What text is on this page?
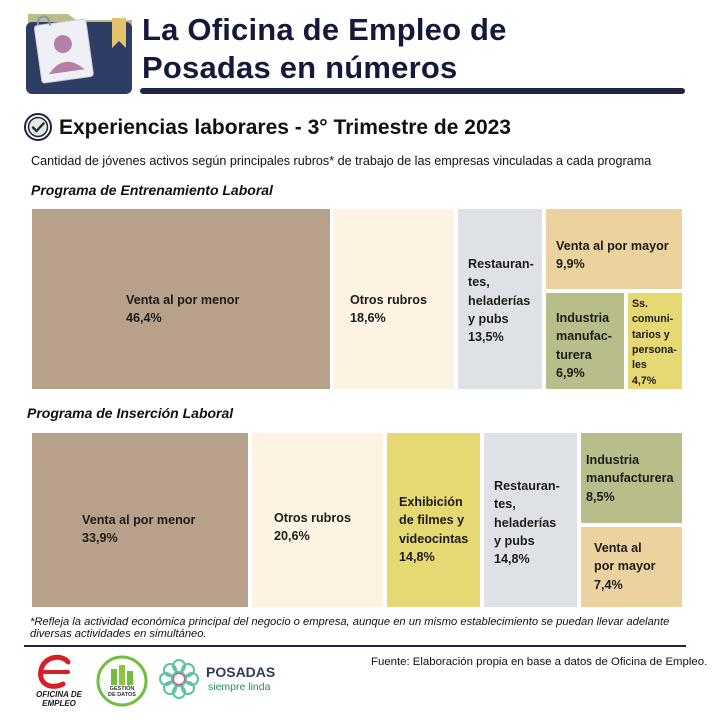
La Oficina de Empleo de
Posadas en números
Experiencias laborares - 3° Trimestre de 2023
Cantidad de jóvenes activos según principales rubros* de trabajo de las empresas vinculadas a cada programa
Programa de Entrenamiento Laboral
Venta al por menor
46,4%
Otros rubros
18,6%
Restauran-
tes,
heladerías
y pubs
13,5%
Venta al por mayor
9,9%
Industria
manufac-
turera
6,9%
Ss.
comuni-
tarios y
persona-
les
4,7%
Programa de Inserción Laboral
Venta al por menor
33,9%
Otros rubros
20,6%
Exhibición
de filmes y
videocintas
14,8%
Restauran-
tes,
heladerías
y pubs
14,8%
Industria
manufacturera
8,5%
Venta al
por mayor
7,4%
*Refleja la actividad económica principal del negocio o empresa, aunque en un mismo establecimiento se puedan llevar adelante diversas actividades en simultáneo.
Fuente: Elaboración propia en base a datos de Oficina de Empleo.
OFICINA DE
EMPLEO
GESTIÓN
DE DATOS
POSADAS
siempre linda
